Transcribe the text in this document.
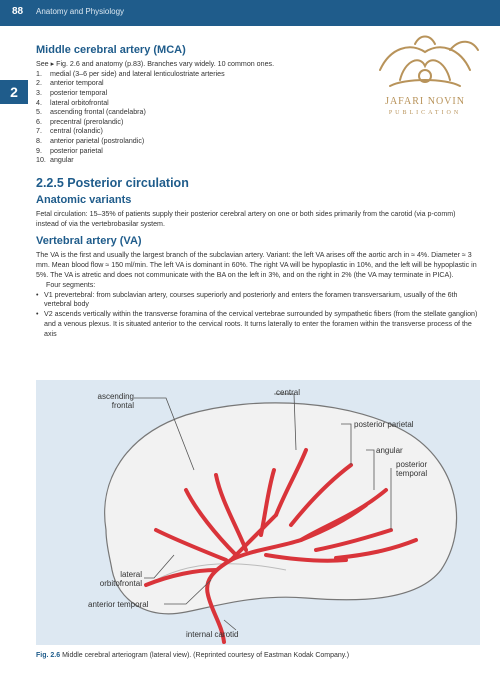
88 Anatomy and Physiology
2
JAFARI NOVIN
PUBLICATION
Middle cerebral artery (MCA)

See ▸ Fig. 2.6 and anatomy (p.83). Branches vary widely. 10 common ones.

1.	medial (3–6 per side) and lateral lenticulostriate arteries
2.	anterior temporal
3.	posterior temporal
4.	lateral orbitofrontal
5.	ascending frontal (candelabra)
6.	precentral (prerolandic)
7.	central (rolandic)
8.	anterior parietal (postrolandic)
9.	posterior parietal
10. angular
2.2.5 Posterior circulation
Anatomic variants

Fetal circulation: 15–35% of patients supply their posterior cerebral artery on one or both sides primarily from the carotid (via p-comm) instead of via the vertebrobasilar system.

Vertebral artery (VA)

The VA is the first and usually the largest branch of the subclavian artery. Variant: the left VA arises off the aortic arch in ≈ 4%. Diameter ≈ 3 mm. Mean blood flow ≈ 150 ml/min. The left VA is dominant in 60%. The right VA will be hypoplastic in 10%, and the left will be hypoplastic in 5%. The VA is atretic and does not communicate with the BA on the left in 3%, and on the right in 2% (the VA may terminate in PICA).

Four segments:

• V1 prevertebral: from subclavian artery, courses superiorly and posteriorly and enters the foramen transversarium, usually of the 6th vertebral body
• V2 ascends vertically within the transverse foramina of the cervical vertebrae surrounded by sympathetic fibers (from the stellate ganglion) and a venous plexus. It is situated anterior to the cervical roots. It turns laterally to enter the foramen within the transverse process of the axis
ascending
frontal
central
posterior parietal
angular
posterior
temporal
lateral
orbitofrontal
anterior temporal
internal carotid
Fig. 2.6 Middle cerebral arteriogram (lateral view). (Reprinted courtesy of Eastman Kodak Company.)
